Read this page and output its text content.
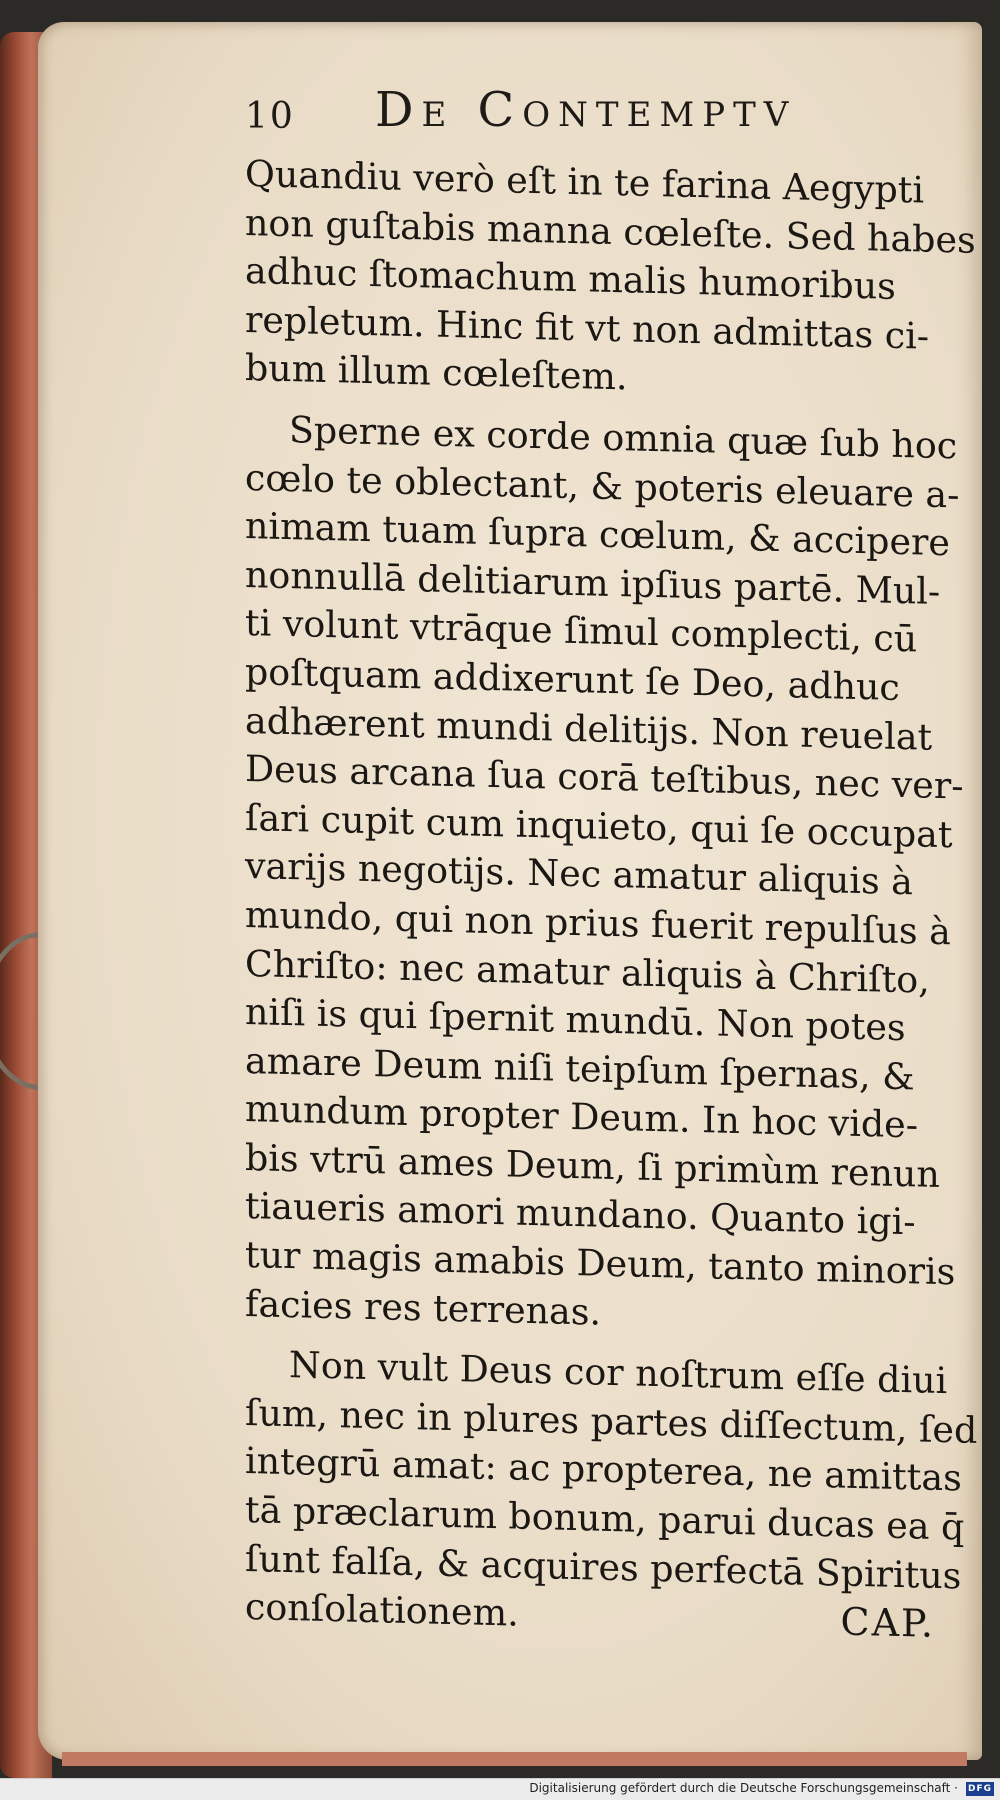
10 De Contemptv
Quandiu verò eſt in te farina Aegypti
non guſtabis manna cœleſte. Sed habes
adhuc ſtomachum malis humoribus
repletum. Hinc fit vt non admittas ci-
bum illum cœleſtem.
Sperne ex corde omnia quæ ſub hoc
cœlo te oblectant, & poteris eleuare a-
nimam tuam ſupra cœlum, & accipere
nonnullā delitiarum ipſius partē. Mul-
ti volunt vtrāque ſimul complecti, cū
poſtquam addixerunt ſe Deo, adhuc
adhærent mundi delitijs. Non reuelat
Deus arcana ſua corā teſtibus, nec ver-
ſari cupit cum inquieto, qui ſe occupat
varijs negotijs. Nec amatur aliquis à
mundo, qui non prius fuerit repulſus à
Chriſto: nec amatur aliquis à Chriſto,
niſi is qui ſpernit mundū. Non potes
amare Deum niſi teipſum ſpernas, &
mundum propter Deum. In hoc vide-
bis vtrū ames Deum, ſi primùm renun
tiaueris amori mundano. Quanto igi-
tur magis amabis Deum, tanto minoris
facies res terrenas.
Non vult Deus cor noſtrum eſſe diui
ſum, nec in plures partes diſſectum, ſed
integrū amat: ac propterea, ne amittas
tā præclarum bonum, parui ducas ea q̄
ſunt falſa, & acquires perfectā Spiritus
conſolationem.	CAP.
Digitalisierung gefördert durch die Deutsche Forschungsgemeinschaft · DFG
